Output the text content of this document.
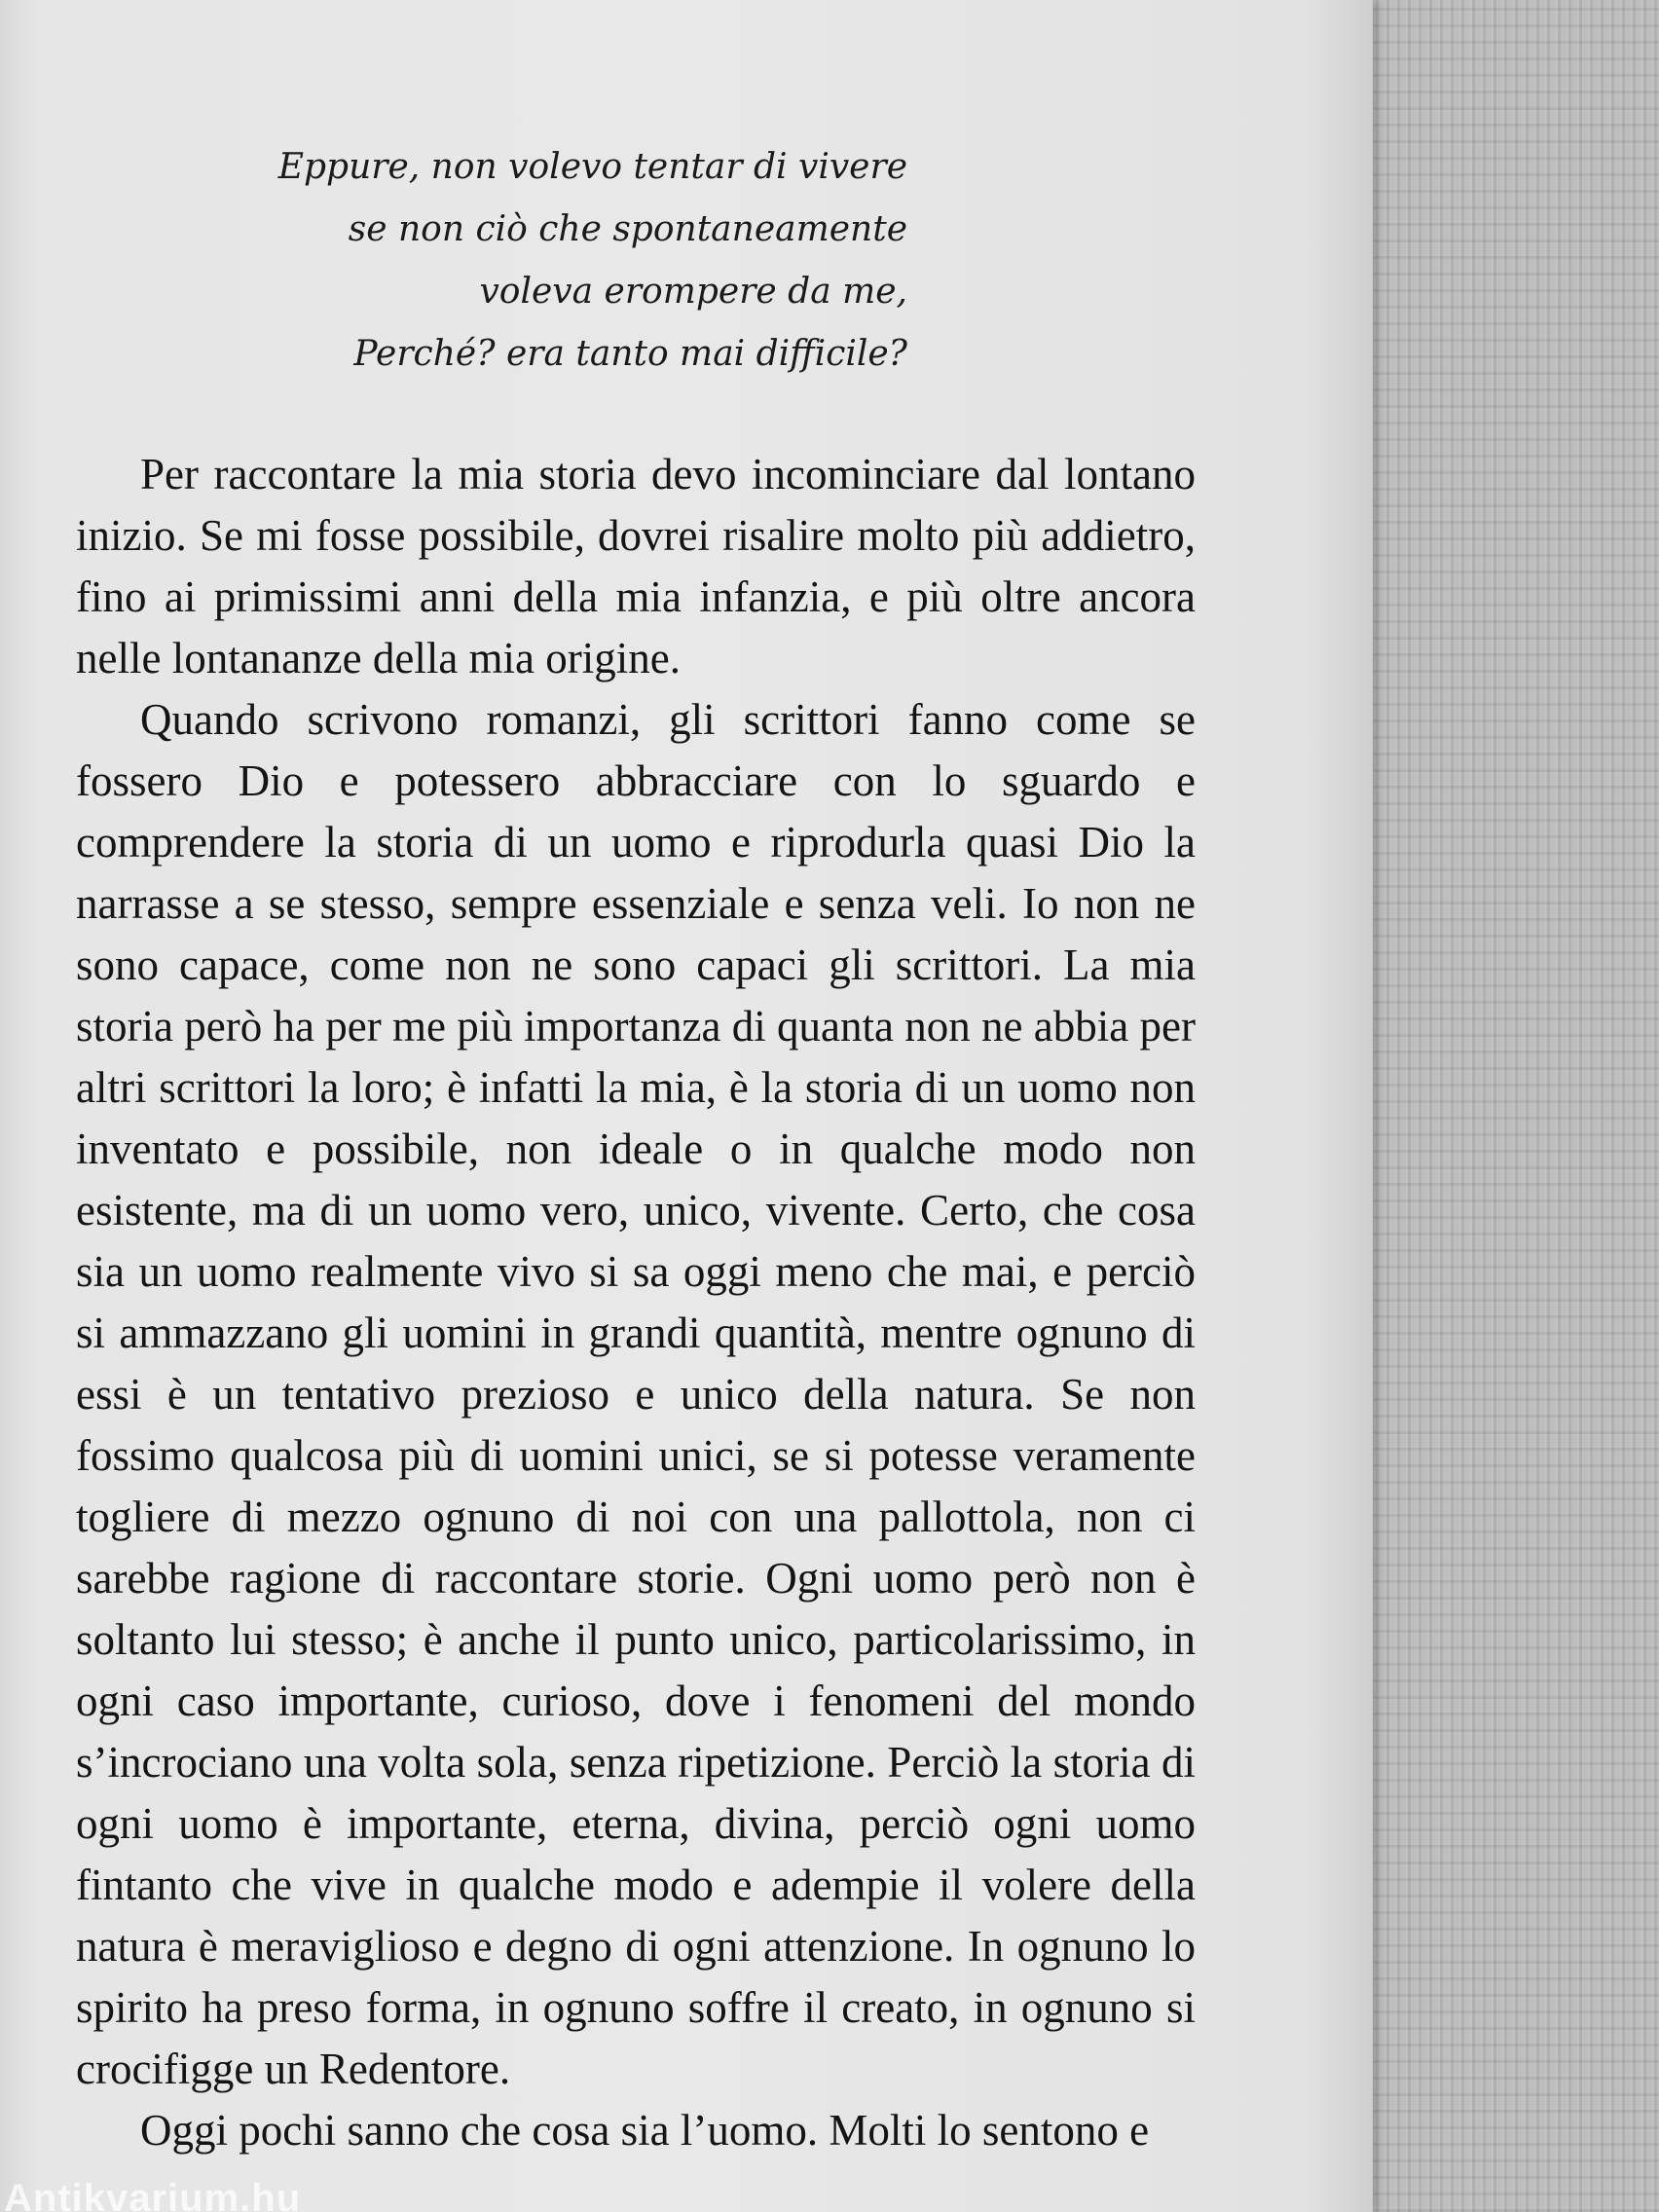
Eppure, non volevo tentar di vivere
se non ciò che spontaneamente
voleva erompere da me,
Perché? era tanto mai difficile?

Per raccontare la mia storia devo incominciare dal lontano inizio. Se mi fosse possibile, dovrei risalire molto più addietro, fino ai primissimi anni della mia infanzia, e più oltre ancora nelle lontananze della mia origine.

Quando scrivono romanzi, gli scrittori fanno come se fossero Dio e potessero abbracciare con lo sguardo e comprendere la storia di un uomo e riprodurla quasi Dio la narrasse a se stesso, sempre essenziale e senza veli. Io non ne sono capace, come non ne sono capaci gli scrittori. La mia storia però ha per me più importanza di quanta non ne abbia per altri scrittori la loro; è infatti la mia, è la storia di un uomo non inventato e possibile, non ideale o in qualche modo non esistente, ma di un uomo vero, unico, vivente. Certo, che cosa sia un uomo realmente vivo si sa oggi meno che mai, e perciò si ammazzano gli uomini in grandi quantità, mentre ognuno di essi è un tentativo prezioso e unico della natura. Se non fossimo qualcosa più di uomini unici, se si potesse veramente togliere di mezzo ognuno di noi con una pallottola, non ci sarebbe ragione di raccontare storie. Ogni uomo però non è soltanto lui stesso; è anche il punto unico, particolarissimo, in ogni caso importante, curioso, dove i fenomeni del mondo s’incrociano una volta sola, senza ripetizione. Perciò la storia di ogni uomo è importante, eterna, divina, perciò ogni uomo fintanto che vive in qualche modo e adempie il volere della natura è meraviglioso e degno di ogni attenzione. In ognuno lo spirito ha preso forma, in ognuno soffre il creato, in ognuno si crocifigge un Redentore.

Oggi pochi sanno che cosa sia l’uomo. Molti lo sentono e

Antikvarium.hu
